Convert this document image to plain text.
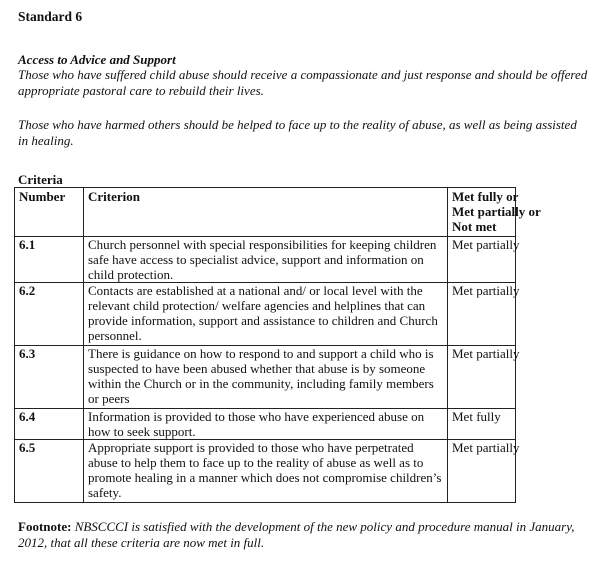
Standard 6
Access to Advice and Support
Those who have suffered child abuse should receive a compassionate and just response and should be offered appropriate pastoral care to rebuild their lives.
Those who have harmed others should be helped to face up to the reality of abuse, as well as being assisted in healing.
Criteria
Number	Criterion	Met fully or
Met partially or
Not met

6.1	Church personnel with special responsibilities for keeping children safe have access to specialist advice, support and information on child protection.	Met partially
6.2	Contacts are established at a national and/ or local level with the relevant child protection/ welfare agencies and helplines that can provide information, support and assistance to children and Church personnel.	Met partially
6.3	There is guidance on how to respond to and support a child who is suspected to have been abused whether that abuse is by someone within the Church or in the community, including family members or peers	Met partially
6.4	Information is provided to those who have experienced abuse on how to seek support.	Met fully
6.5	Appropriate support is provided to those who have perpetrated abuse to help them to face up to the reality of abuse as well as to promote healing in a manner which does not compromise children’s safety.	Met partially
Footnote: NBSCCCI is satisfied with the development of the new policy and procedure manual in January, 2012, that all these criteria are now met in full.
